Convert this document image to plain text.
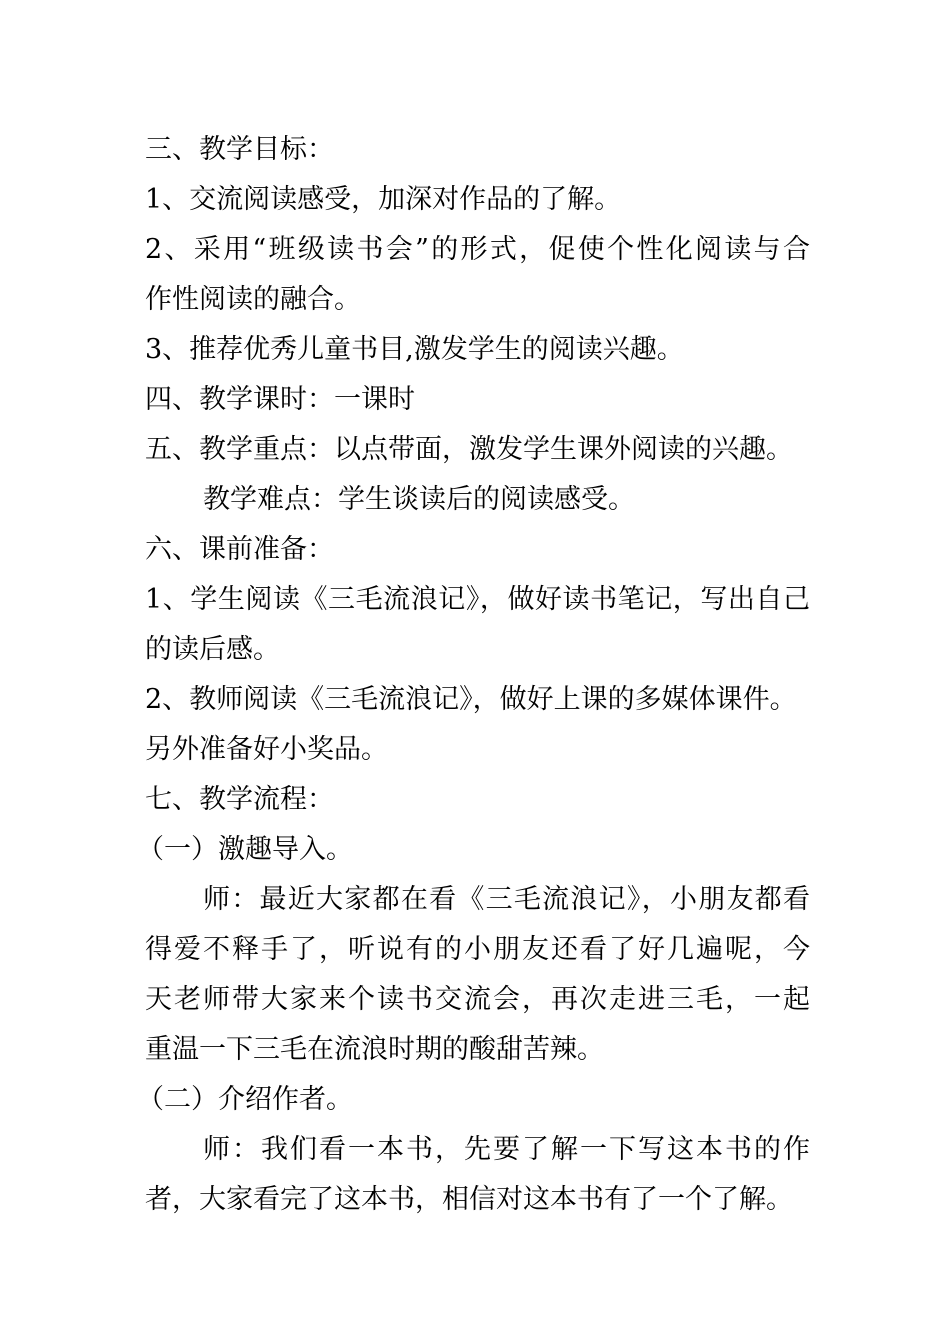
三、教学目标：
1、交流阅读感受，加深对作品的了解。
2、采用“班级读书会”的形式，促使个性化阅读与合
作性阅读的融合。
3、推荐优秀儿童书目,激发学生的阅读兴趣。
四、教学课时：一课时
五、教学重点：以点带面，激发学生课外阅读的兴趣。
教学难点：学生谈读后的阅读感受。
六、课前准备：
1、学生阅读《三毛流浪记》，做好读书笔记，写出自己
的读后感。
2、教师阅读《三毛流浪记》，做好上课的多媒体课件。
另外准备好小奖品。
七、教学流程：
（一）激趣导入。
师：最近大家都在看《三毛流浪记》，小朋友都看
得爱不释手了，听说有的小朋友还看了好几遍呢，今
天老师带大家来个读书交流会，再次走进三毛，一起
重温一下三毛在流浪时期的酸甜苦辣。
（二）介绍作者。
师：我们看一本书，先要了解一下写这本书的作
者，大家看完了这本书，相信对这本书有了一个了解。
